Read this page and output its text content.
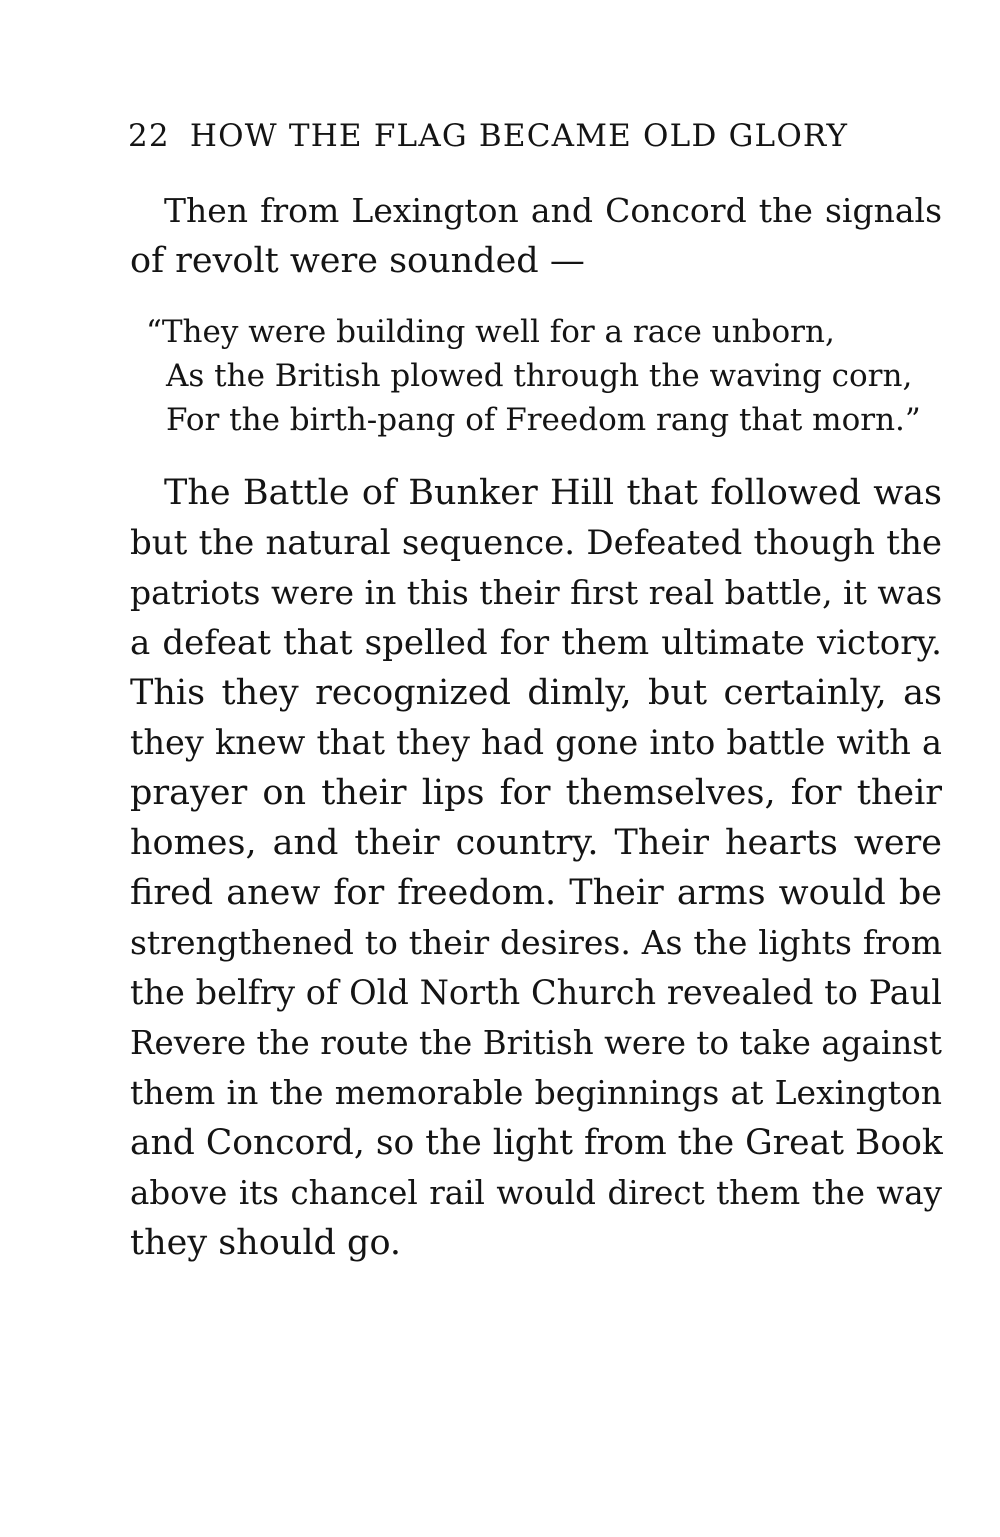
22 HOW THE FLAG BECAME OLD GLORY
Then from Lexington and Concord the signals
of revolt were sounded —
“They were building well for a race unborn,
As the British plowed through the waving corn,
For the birth-pang of Freedom rang that morn.”
The Battle of Bunker Hill that followed was
but the natural sequence. Defeated though the
patriots were in this their first real battle, it was
a defeat that spelled for them ultimate victory.
This they recognized dimly, but certainly, as
they knew that they had gone into battle with a
prayer on their lips for themselves, for their
homes, and their country. Their hearts were
fired anew for freedom. Their arms would be
strengthened to their desires. As the lights from
the belfry of Old North Church revealed to Paul
Revere the route the British were to take against
them in the memorable beginnings at Lexington
and Concord, so the light from the Great Book
above its chancel rail would direct them the way
they should go.
